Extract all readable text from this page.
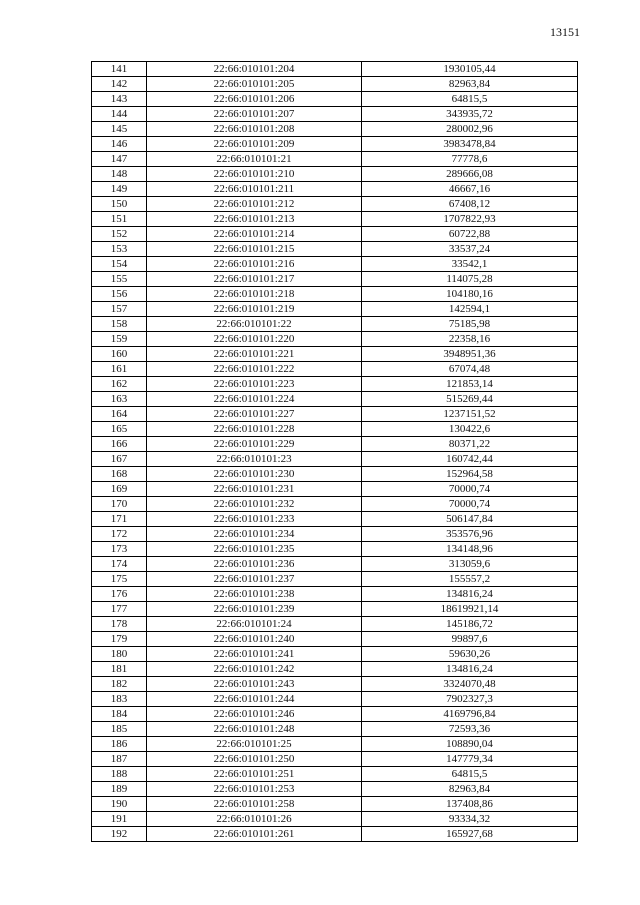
13151
141	22:66:010101:204	1930105,44
142	22:66:010101:205	82963,84
143	22:66:010101:206	64815,5
144	22:66:010101:207	343935,72
145	22:66:010101:208	280002,96
146	22:66:010101:209	3983478,84
147	22:66:010101:21	77778,6
148	22:66:010101:210	289666,08
149	22:66:010101:211	46667,16
150	22:66:010101:212	67408,12
151	22:66:010101:213	1707822,93
152	22:66:010101:214	60722,88
153	22:66:010101:215	33537,24
154	22:66:010101:216	33542,1
155	22:66:010101:217	114075,28
156	22:66:010101:218	104180,16
157	22:66:010101:219	142594,1
158	22:66:010101:22	75185,98
159	22:66:010101:220	22358,16
160	22:66:010101:221	3948951,36
161	22:66:010101:222	67074,48
162	22:66:010101:223	121853,14
163	22:66:010101:224	515269,44
164	22:66:010101:227	1237151,52
165	22:66:010101:228	130422,6
166	22:66:010101:229	80371,22
167	22:66:010101:23	160742,44
168	22:66:010101:230	152964,58
169	22:66:010101:231	70000,74
170	22:66:010101:232	70000,74
171	22:66:010101:233	506147,84
172	22:66:010101:234	353576,96
173	22:66:010101:235	134148,96
174	22:66:010101:236	313059,6
175	22:66:010101:237	155557,2
176	22:66:010101:238	134816,24
177	22:66:010101:239	18619921,14
178	22:66:010101:24	145186,72
179	22:66:010101:240	99897,6
180	22:66:010101:241	59630,26
181	22:66:010101:242	134816,24
182	22:66:010101:243	3324070,48
183	22:66:010101:244	7902327,3
184	22:66:010101:246	4169796,84
185	22:66:010101:248	72593,36
186	22:66:010101:25	108890,04
187	22:66:010101:250	147779,34
188	22:66:010101:251	64815,5
189	22:66:010101:253	82963,84
190	22:66:010101:258	137408,86
191	22:66:010101:26	93334,32
192	22:66:010101:261	165927,68
